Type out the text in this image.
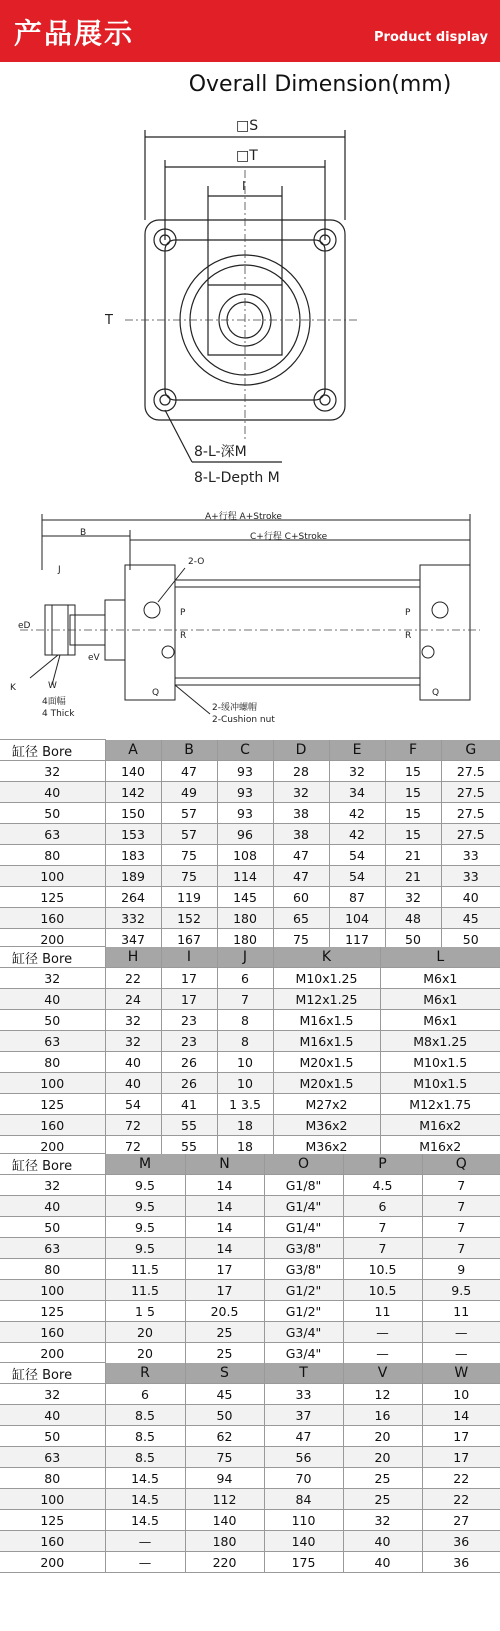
产品展示	Product display
Overall Dimension(mm)
□S
□T
I
T
8-L-深M
8-L-Depth M
A+行程 A+Stroke
B	C+行程 C+Stroke
2-O
J
eD
eV
K	W
4面幅
4 Thick
P
R
P
R
Q	Q
2-缓冲螺帽
2-Cushion nut
缸径 Bore	A	B	C	D	E	F	G
32	140	47	93	28	32	15	27.5
40	142	49	93	32	34	15	27.5
50	150	57	93	38	42	15	27.5
63	153	57	96	38	42	15	27.5
80	183	75	108	47	54	21	33
100	189	75	114	47	54	21	33
125	264	119	145	60	87	32	40
160	332	152	180	65	104	48	45
200	347	167	180	75	117	50	50
缸径 Bore	H	I	J	K	L
32	22	17	6	M10x1.25	M6x1
40	24	17	7	M12x1.25	M6x1
50	32	23	8	M16x1.5	M6x1
63	32	23	8	M16x1.5	M8x1.25
80	40	26	10	M20x1.5	M10x1.5
100	40	26	10	M20x1.5	M10x1.5
125	54	41	1 3.5	M27x2	M12x1.75
160	72	55	18	M36x2	M16x2
200	72	55	18	M36x2	M16x2
缸径 Bore	M	N	O	P	Q
32	9.5	14	G1/8"	4.5	7
40	9.5	14	G1/4"	6	7
50	9.5	14	G1/4"	7	7
63	9.5	14	G3/8"	7	7
80	11.5	17	G3/8"	10.5	9
100	11.5	17	G1/2"	10.5	9.5
125	1 5	20.5	G1/2"	11	11
160	20	25	G3/4"	—	—
200	20	25	G3/4"	—	—
缸径 Bore	R	S	T	V	W
32	6	45	33	12	10
40	8.5	50	37	16	14
50	8.5	62	47	20	17
63	8.5	75	56	20	17
80	14.5	94	70	25	22
100	14.5	112	84	25	22
125	14.5	140	110	32	27
160	—	180	140	40	36
200	—	220	175	40	36
